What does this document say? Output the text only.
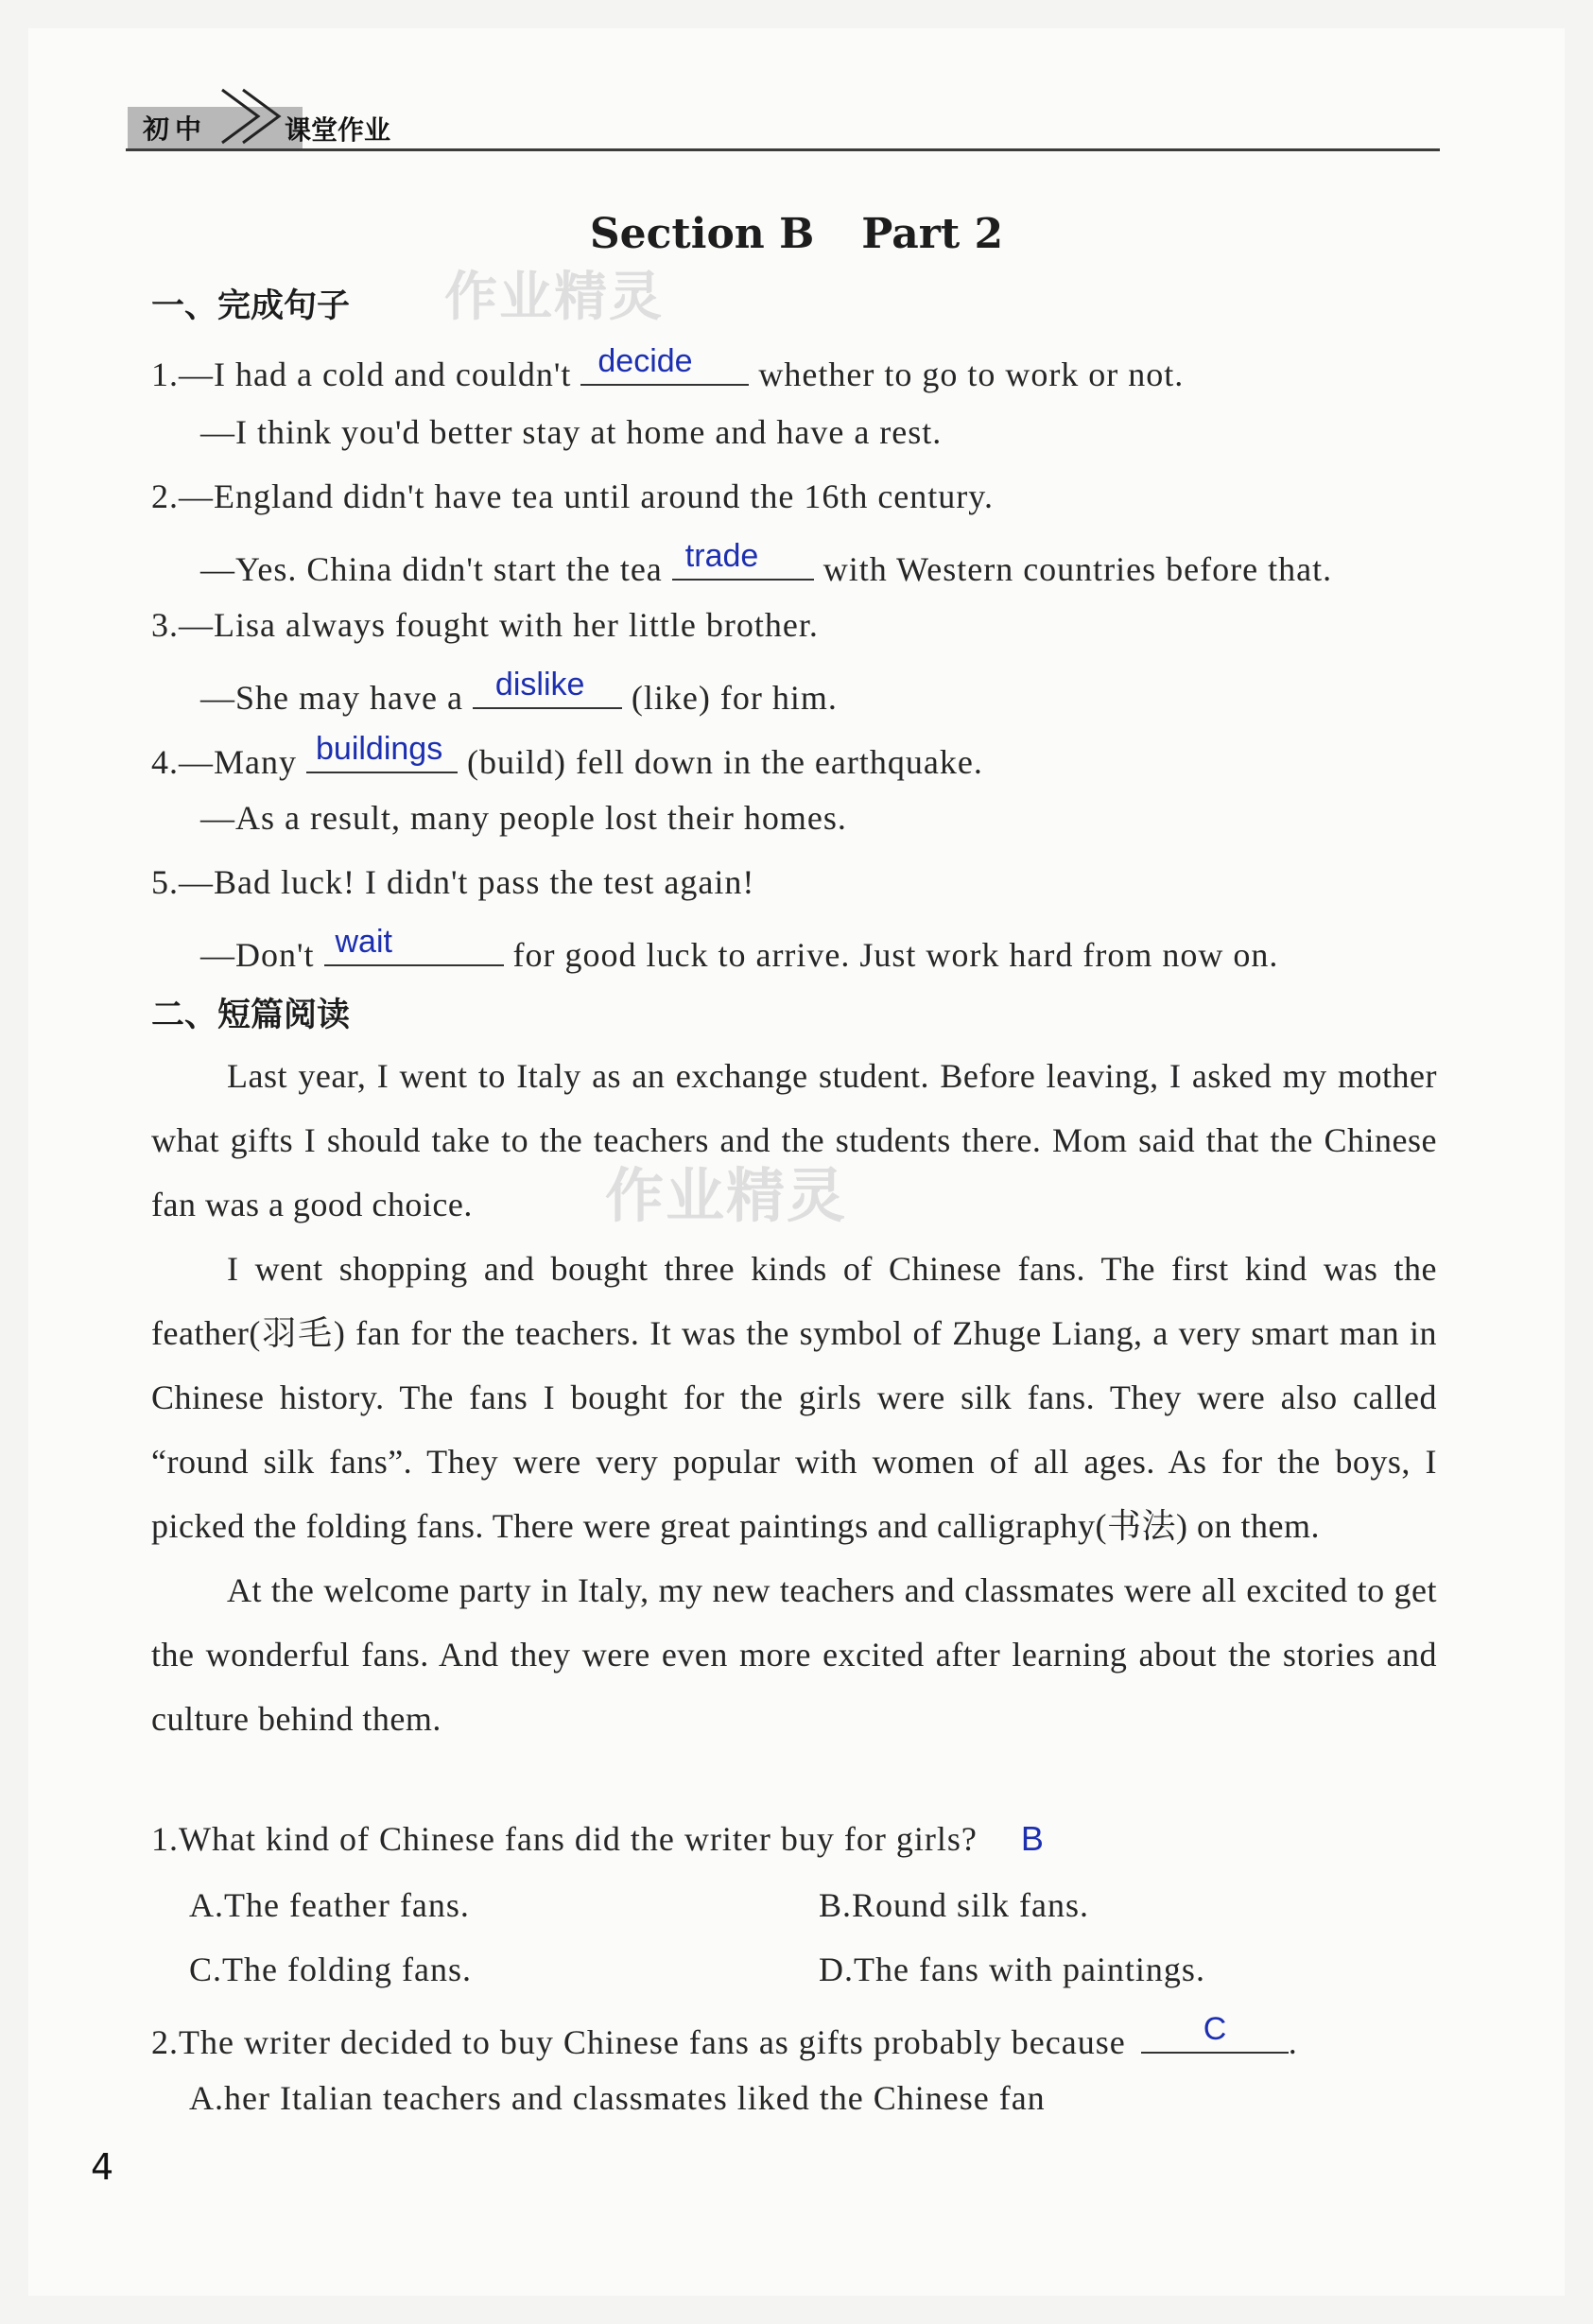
初中	课堂作业
Section B Part 2
作业精灵
作业精灵
一、完成句子
1.—I had a cold and couldn't decide whether to go to work or not.
—I think you'd better stay at home and have a rest.
2.—England didn't have tea until around the 16th century.
—Yes. China didn't start the tea trade with Western countries before that.
3.—Lisa always fought with her little brother.
—She may have a dislike (like) for him.
4.—Many buildings (build) fell down in the earthquake.
—As a result, many people lost their homes.
5.—Bad luck! I didn't pass the test again!
—Don't wait	for good luck to arrive. Just work hard from now on.
二、短篇阅读

Last year, I went to Italy as an exchange student. Before leaving, I asked my mother what gifts I should take to the teachers and the students there. Mom said that the Chinese fan was a good choice.

I went shopping and bought three kinds of Chinese fans. The first kind was the feather(羽毛) fan for the teachers. It was the symbol of Zhuge Liang, a very smart man in Chinese history. The fans I bought for the girls were silk fans. They were also called “round silk fans”. They were very popular with women of all ages. As for the boys, I picked the folding fans. There were great paintings and calligraphy(书法) on them.

At the welcome party in Italy, my new teachers and classmates were all excited to get the wonderful fans. And they were even more excited after learning about the stories and culture behind them.

1.What kind of Chinese fans did the writer buy for girls? B
A.The feather fans.	B.Round silk fans.
C.The folding fans.	D.The fans with paintings.
2.The writer decided to buy Chinese fans as gifts probably because C .
A.her Italian teachers and classmates liked the Chinese fan
4
